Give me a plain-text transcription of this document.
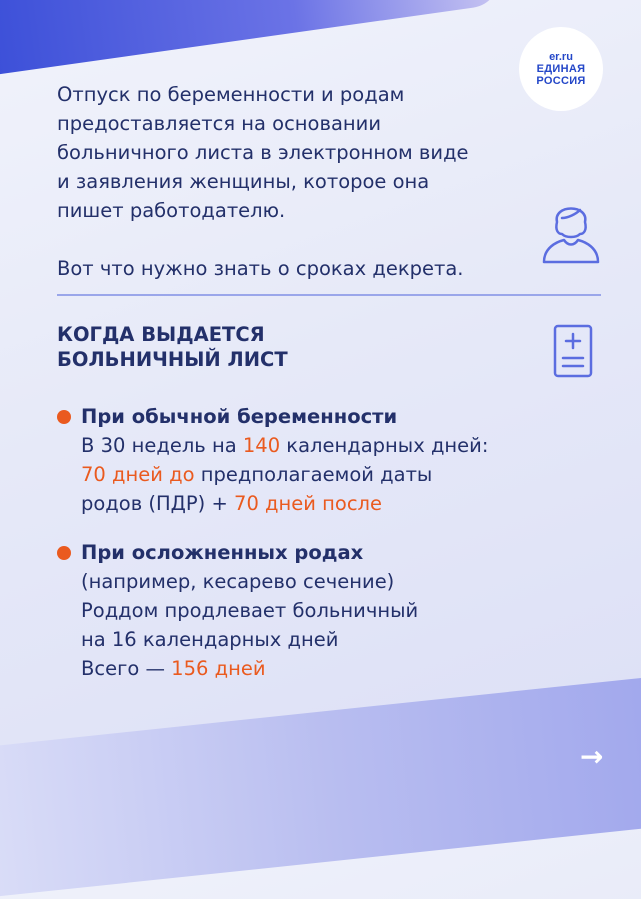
er.ru
ЕДИНАЯ
РОССИЯ

Отпуск по беременности и родам

предоставляется на основании

больничного листа в электронном виде

и заявления женщины, которое она

пишет работодателю.

Вот что нужно знать о сроках декрета.

КОГДА ВЫДАЕТСЯ
БОЛЬНИЧНЫЙ ЛИСТ
При обычной беременности
В 30 недель на 140 календарных дней:
70 дней до предполагаемой даты
родов (ПДР) + 70 дней после
При осложненных родах
(например, кесарево сечение)
Роддом продлевает больничный
на 16 календарных дней
Всего — 156 дней
→
